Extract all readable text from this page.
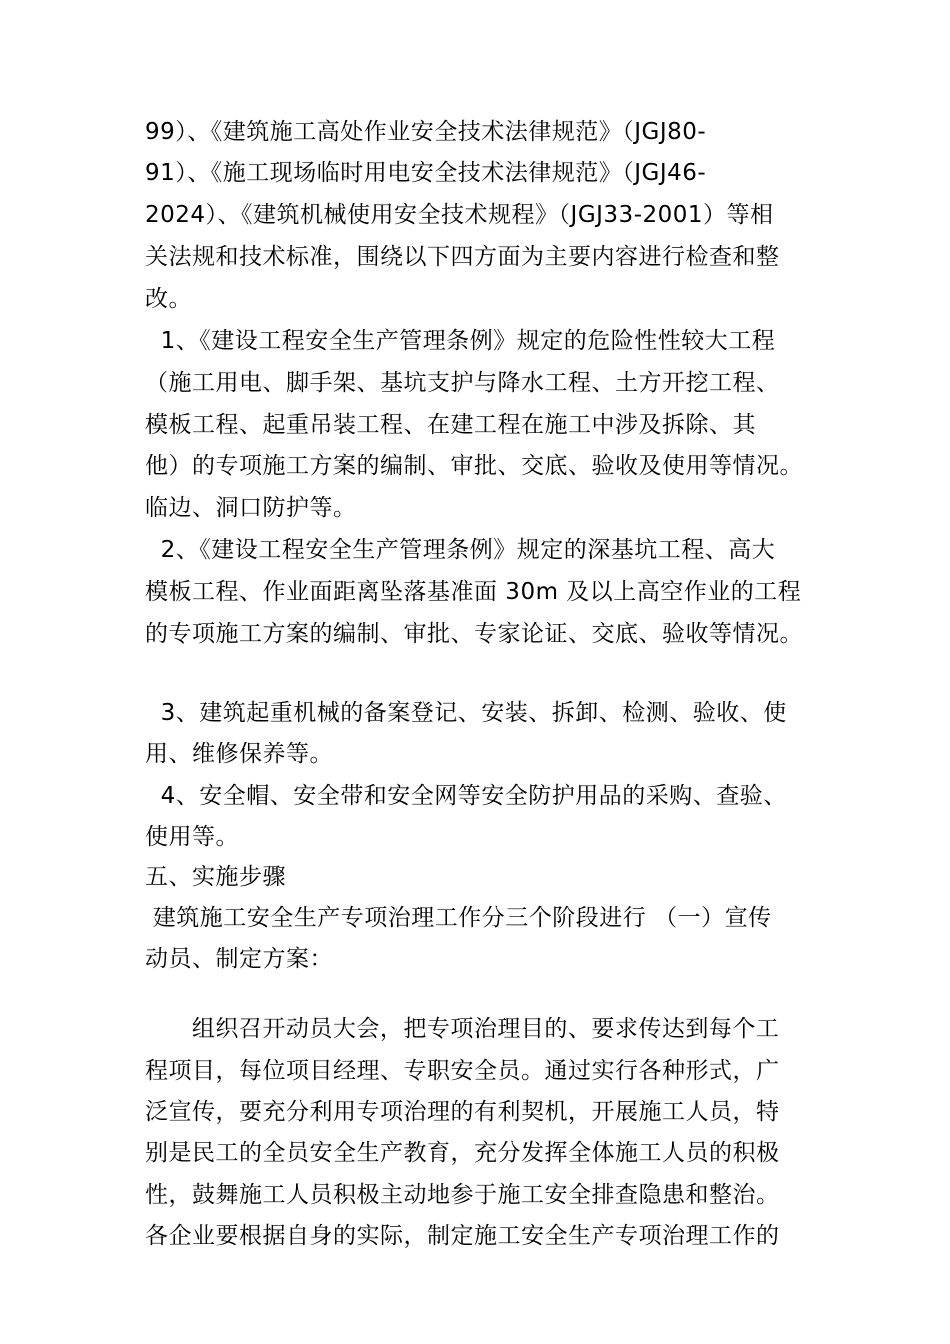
99）、《建筑施工高处作业安全技术法律规范》（JGJ80-
91）、《施工现场临时用电安全技术法律规范》（JGJ46-
2024）、《建筑机械使用安全技术规程》（JGJ33-2001）等相
关法规和技术标准，围绕以下四方面为主要内容进行检查和整
改。
1、《建设工程安全生产管理条例》规定的危险性性较大工程
（施工用电、脚手架、基坑支护与降水工程、土方开挖工程、
模板工程、起重吊装工程、在建工程在施工中涉及拆除、其
他）的专项施工方案的编制、审批、交底、验收及使用等情况。
临边、洞口防护等。
2、《建设工程安全生产管理条例》规定的深基坑工程、高大
模板工程、作业面距离坠落基准面 30m 及以上高空作业的工程
的专项施工方案的编制、审批、专家论证、交底、验收等情况。
3、建筑起重机械的备案登记、安装、拆卸、检测、验收、使
用、维修保养等。
4、安全帽、安全带和安全网等安全防护用品的采购、查验、
使用等。
五、实施步骤
建筑施工安全生产专项治理工作分三个阶段进行 （一）宣传
动员、制定方案：
组织召开动员大会，把专项治理目的、要求传达到每个工
程项目，每位项目经理、专职安全员。通过实行各种形式，广
泛宣传，要充分利用专项治理的有利契机，开展施工人员，特
别是民工的全员安全生产教育，充分发挥全体施工人员的积极
性，鼓舞施工人员积极主动地参于施工安全排查隐患和整治。
各企业要根据自身的实际，制定施工安全生产专项治理工作的
